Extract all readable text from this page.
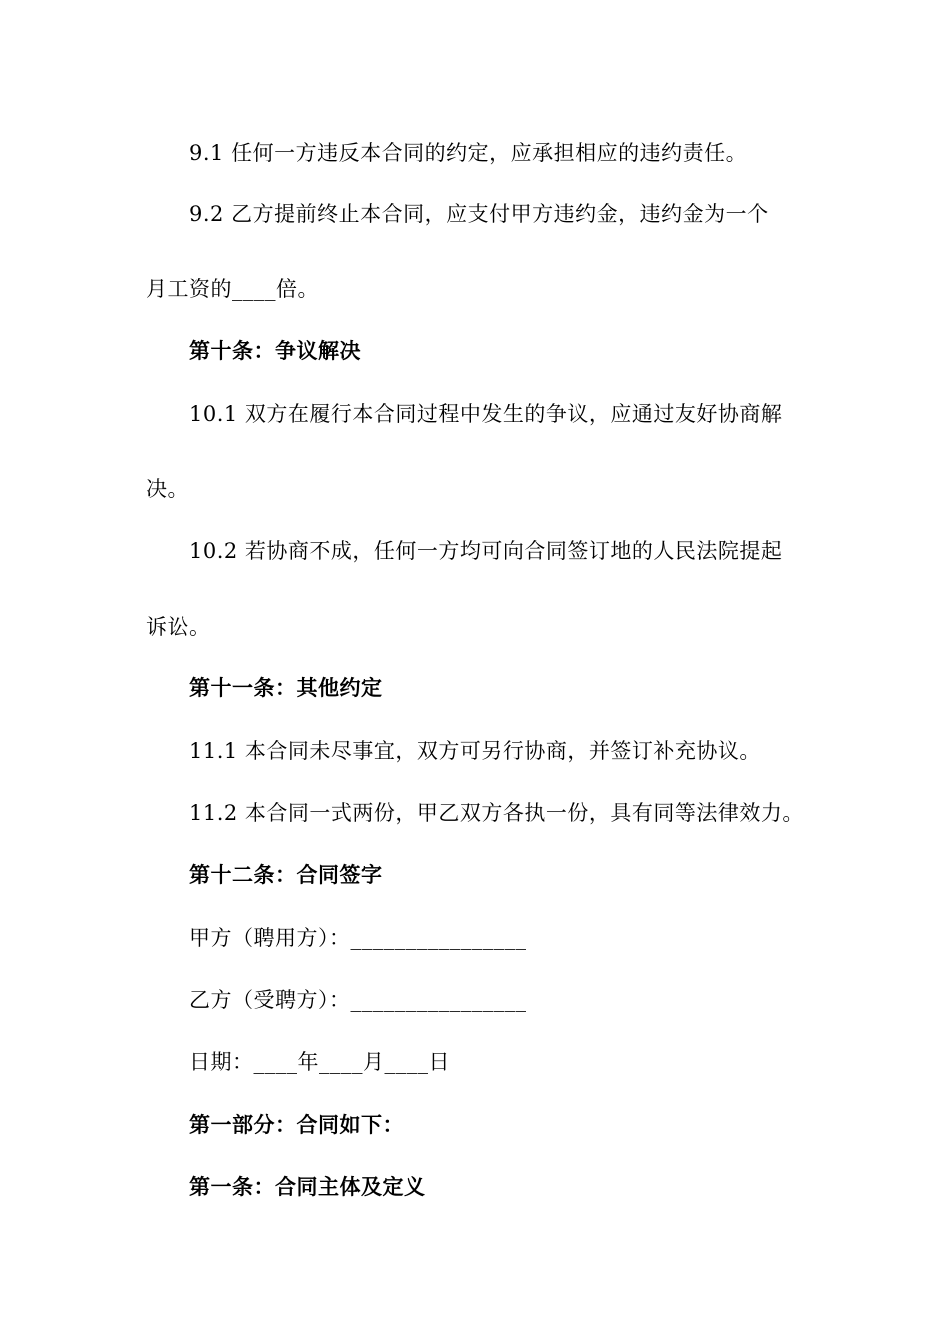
9.1 任何一方违反本合同的约定，应承担相应的违约责任。
9.2 乙方提前终止本合同，应支付甲方违约金，违约金为一个
月工资的____倍。
第十条：争议解决
10.1 双方在履行本合同过程中发生的争议，应通过友好协商解
决。
10.2 若协商不成，任何一方均可向合同签订地的人民法院提起
诉讼。
第十一条：其他约定
11.1 本合同未尽事宜，双方可另行协商，并签订补充协议。
11.2 本合同一式两份，甲乙双方各执一份，具有同等法律效力。
第十二条：合同签字
甲方（聘用方）：________________
乙方（受聘方）：________________
日期：____年____月____日
第一部分：合同如下：
第一条：合同主体及定义
